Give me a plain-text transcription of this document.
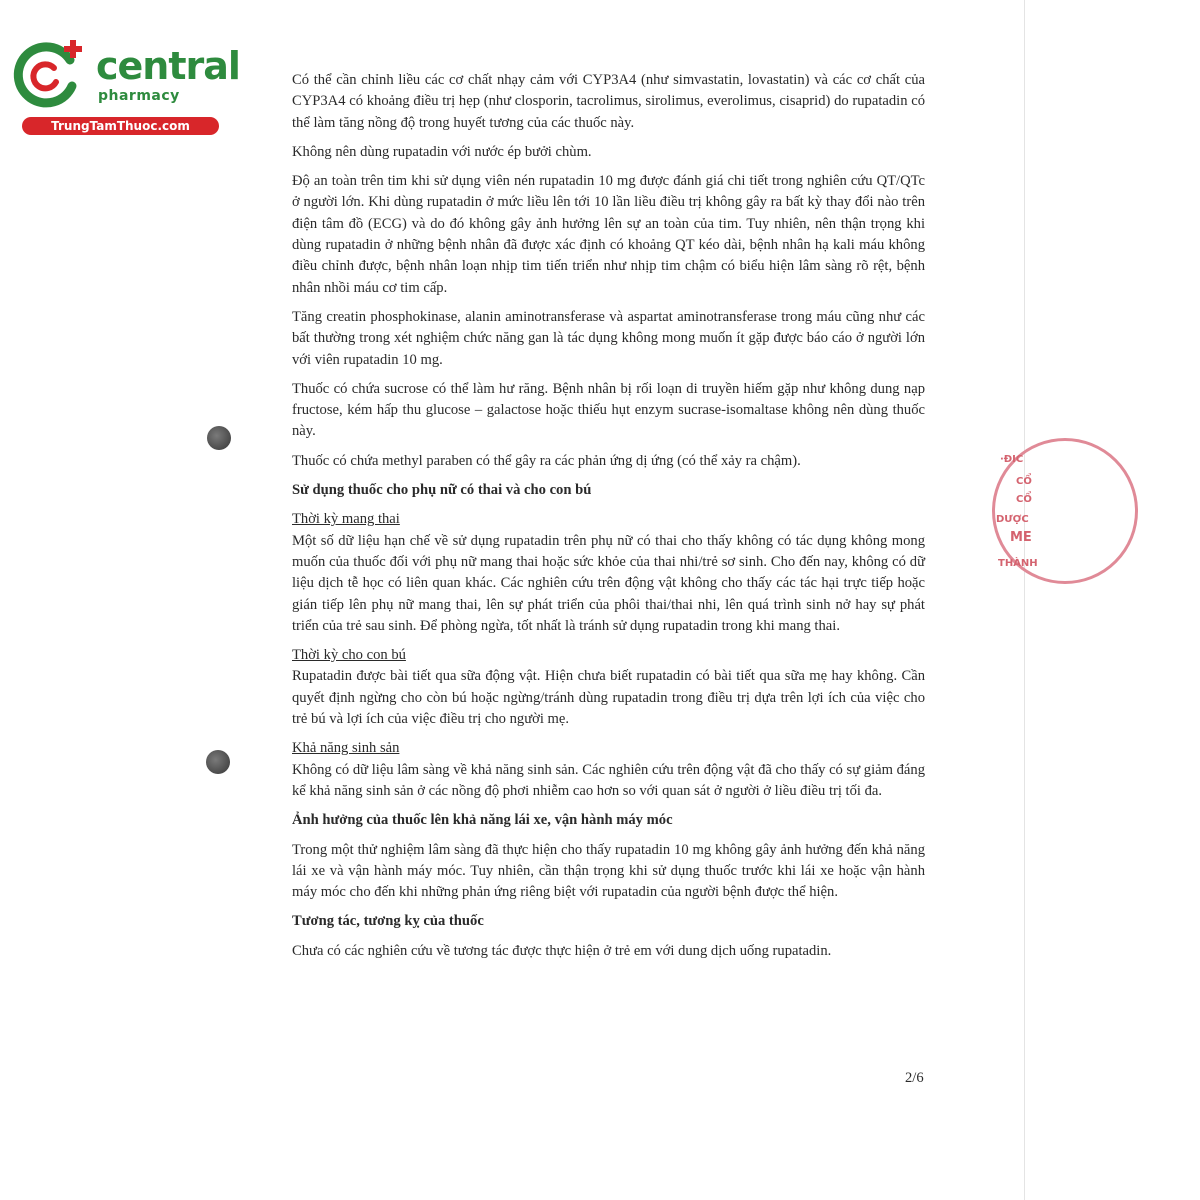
central
pharmacy
TrungTamThuoc.com
·ĐIC
CỔ
CỔ
DƯỢC
ME
THÀNH

Có thể cần chỉnh liều các cơ chất nhạy cảm với CYP3A4 (như simvastatin, lovastatin) và các cơ chất của CYP3A4 có khoảng điều trị hẹp (như closporin, tacrolimus, sirolimus, everolimus, cisaprid) do rupatadin có thể làm tăng nồng độ trong huyết tương của các thuốc này.

Không nên dùng rupatadin với nước ép bưởi chùm.

Độ an toàn trên tim khi sử dụng viên nén rupatadin 10 mg được đánh giá chi tiết trong nghiên cứu QT/QTc ở người lớn. Khi dùng rupatadin ở mức liều lên tới 10 lần liều điều trị không gây ra bất kỳ thay đổi nào trên điện tâm đồ (ECG) và do đó không gây ảnh hưởng lên sự an toàn của tim. Tuy nhiên, nên thận trọng khi dùng rupatadin ở những bệnh nhân đã được xác định có khoảng QT kéo dài, bệnh nhân hạ kali máu không điều chỉnh được, bệnh nhân loạn nhịp tim tiến triển như nhịp tim chậm có biểu hiện lâm sàng rõ rệt, bệnh nhân nhồi máu cơ tim cấp.

Tăng creatin phosphokinase, alanin aminotransferase và aspartat aminotransferase trong máu cũng như các bất thường trong xét nghiệm chức năng gan là tác dụng không mong muốn ít gặp được báo cáo ở người lớn với viên rupatadin 10 mg.

Thuốc có chứa sucrose có thể làm hư răng. Bệnh nhân bị rối loạn di truyền hiếm gặp như không dung nạp fructose, kém hấp thu glucose – galactose hoặc thiếu hụt enzym sucrase-isomaltase không nên dùng thuốc này.

Thuốc có chứa methyl paraben có thể gây ra các phản ứng dị ứng (có thể xảy ra chậm).

Sử dụng thuốc cho phụ nữ có thai và cho con bú

Thời kỳ mang thai

Một số dữ liệu hạn chế về sử dụng rupatadin trên phụ nữ có thai cho thấy không có tác dụng không mong muốn của thuốc đối với phụ nữ mang thai hoặc sức khỏe của thai nhi/trẻ sơ sinh. Cho đến nay, không có dữ liệu dịch tễ học có liên quan khác. Các nghiên cứu trên động vật không cho thấy các tác hại trực tiếp hoặc gián tiếp lên phụ nữ mang thai, lên sự phát triển của phôi thai/thai nhi, lên quá trình sinh nở hay sự phát triển của trẻ sau sinh. Để phòng ngừa, tốt nhất là tránh sử dụng rupatadin trong khi mang thai.

Thời kỳ cho con bú

Rupatadin được bài tiết qua sữa động vật. Hiện chưa biết rupatadin có bài tiết qua sữa mẹ hay không. Cần quyết định ngừng cho còn bú hoặc ngừng/tránh dùng rupatadin trong điều trị dựa trên lợi ích của việc cho trẻ bú và lợi ích của việc điều trị cho người mẹ.

Khả năng sinh sản

Không có dữ liệu lâm sàng về khả năng sinh sản. Các nghiên cứu trên động vật đã cho thấy có sự giảm đáng kể khả năng sinh sản ở các nồng độ phơi nhiễm cao hơn so với quan sát ở người ở liều điều trị tối đa.

Ảnh hưởng của thuốc lên khả năng lái xe, vận hành máy móc

Trong một thử nghiệm lâm sàng đã thực hiện cho thấy rupatadin 10 mg không gây ảnh hưởng đến khả năng lái xe và vận hành máy móc. Tuy nhiên, cần thận trọng khi sử dụng thuốc trước khi lái xe hoặc vận hành máy móc cho đến khi những phản ứng riêng biệt với rupatadin của người bệnh được thể hiện.

Tương tác, tương kỵ của thuốc

Chưa có các nghiên cứu về tương tác được thực hiện ở trẻ em với dung dịch uống rupatadin.

2/6
